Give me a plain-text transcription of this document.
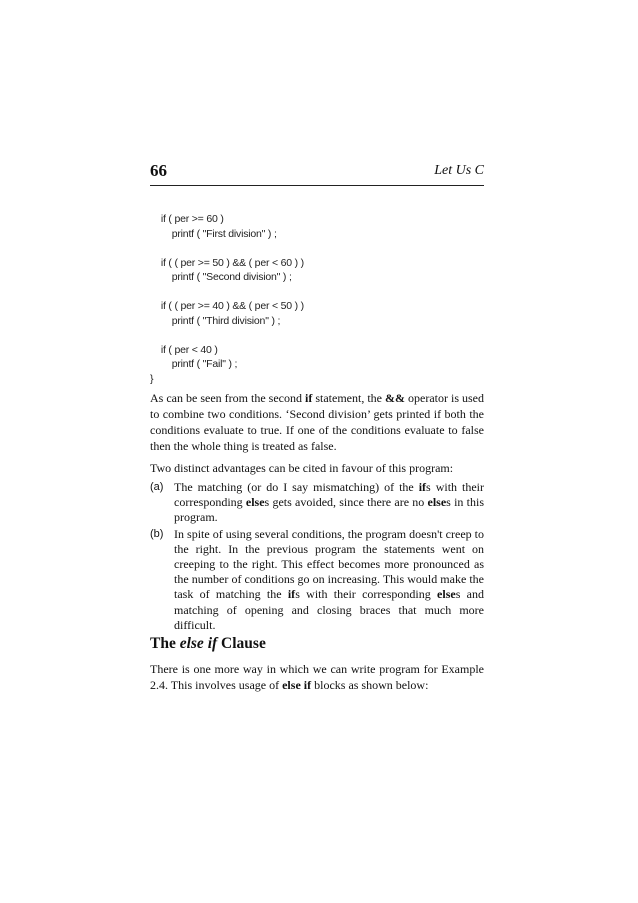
66	Let Us C
if ( per >= 60 )
printf ( "First division" ) ;
if ( ( per >= 50 ) && ( per < 60 ) )
printf ( "Second division" ) ;
if ( ( per >= 40 ) && ( per < 50 ) )
printf ( "Third division" ) ;
if ( per < 40 )
printf ( "Fail" ) ;
}

As can be seen from the second if statement, the && operator is used to combine two conditions. ‘Second division’ gets printed if both the conditions evaluate to true. If one of the conditions evaluate to false then the whole thing is treated as false.

Two distinct advantages can be cited in favour of this program:

(a) The matching (or do I say mismatching) of the ifs with their corresponding elses gets avoided, since there are no elses in this program.
(b) In spite of using several conditions, the program doesn't creep to the right. In the previous program the statements went on creeping to the right. This effect becomes more pronounced as the number of conditions go on increasing. This would make the task of matching the ifs with their corresponding elses and matching of opening and closing braces that much more difficult.
The else if Clause

There is one more way in which we can write program for Example 2.4. This involves usage of else if blocks as shown below:
